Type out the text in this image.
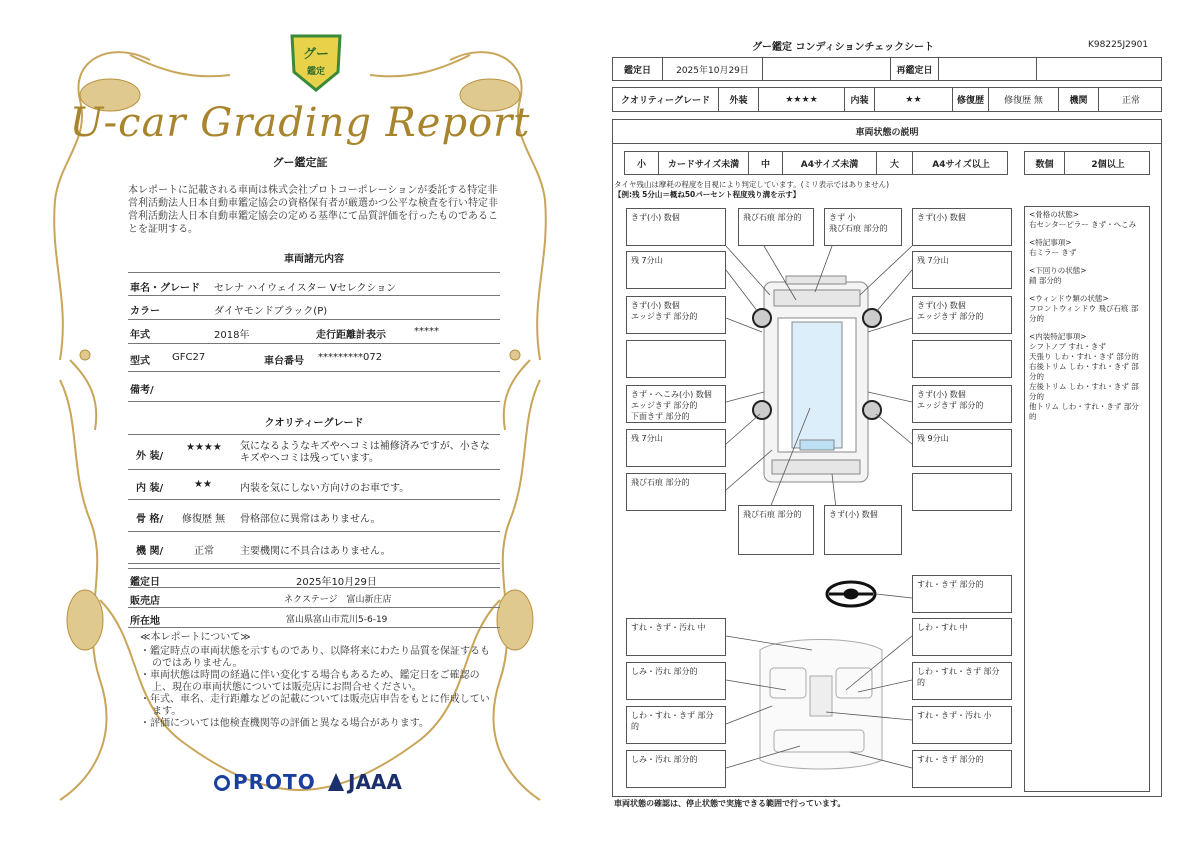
グー
鑑定
U-car Grading Report
グー鑑定証
本レポートに記載される車両は株式会社プロトコーポレーションが委託する特定非営利活動法人日本自動車鑑定協会の資格保有者が厳選かつ公平な検査を行い特定非営利活動法人日本自動車鑑定協会の定める基準にて品質評価を行ったものであることを証明する。
車両諸元内容
車名・グレード セレナ ハイウェイスター Vセレクション
カラー	ダイヤモンドブラック(P)
年式	2018年	走行距離計表示	*****
型式 GFC27	車台番号 *********072
備考/
クオリティーグレード
外 装/
★★★★ 気になるようなキズやヘコミは補修済みですが、小さなキズやヘコミは残っています。
内 装/	★★	内装を気にしない方向けのお車です。
骨 格/ 修復歴 無 骨格部位に異常はありません。
機 関/	正常	主要機関に不具合はありません。
鑑定日	2025年10月29日
販売店	ネクステージ　富山新庄店
所在地	富山県富山市荒川5-6-19
≪本レポートについて≫

・鑑定時点の車両状態を示すものであり、以降将来にわたり品質を保証するものではありません。

・車両状態は時間の経過に伴い変化する場合もあるため、鑑定日をご確認の上、現在の車両状態については販売店にお問合せください。

・年式、車名、走行距離などの記載については販売店申告をもとに作成しています。

・評価については他検査機関等の評価と異なる場合があります。

PROTO	JAAA
グー鑑定 コンディションチェックシート	K98225J2901
鑑定日	2025年10月29日	再鑑定日
クオリティーグレード	外装	★★★★	内装	★★	修復歴	修復歴 無	機関	正常
車両状態の説明
小	カードサイズ未満	中	A4サイズ未満	大	A4サイズ以上	数個	2個以上
タイヤ残山は摩耗の程度を目視により判定しています。(ミリ表示ではありません)
【例:残 5分山＝概ね50パーセント程度残り溝を示す】
きず(小) 数個	飛び石痕 部分的	きず 小
飛び石痕 部分的
きず(小) 数個
残 7分山	残 7分山
きず(小) 数個
エッジきず 部分的
きず(小) 数個
エッジきず 部分的
きず・へこみ(小) 数個
エッジきず 部分的
下面きず 部分的
きず(小) 数個
エッジきず 部分的
残 7分山	残 9分山
飛び石痕 部分的
飛び石痕 部分的	きず(小) 数個
<骨格の状態>
右センターピラー きず・へこみ
<特記事項>
右ミラー きず
<下回りの状態>
錆 部分的
<ウィンドウ類の状態>
フロントウィンドウ 飛び石痕 部分的
<内装特記事項>
シフトノブ すれ・きず
天張り しわ・すれ・きず 部分的
右後トリム しわ・すれ・きず 部分的
左後トリム しわ・すれ・きず 部分的
他トリム しわ・すれ・きず 部分的
すれ・きず 部分的
すれ・きず・汚れ 中	しわ・すれ 中
しみ・汚れ 部分的	しわ・すれ・きず 部分的
しわ・すれ・きず 部分的
すれ・きず・汚れ 小
しみ・汚れ 部分的	すれ・きず 部分的
車両状態の確認は、停止状態で実施できる範囲で行っています。
